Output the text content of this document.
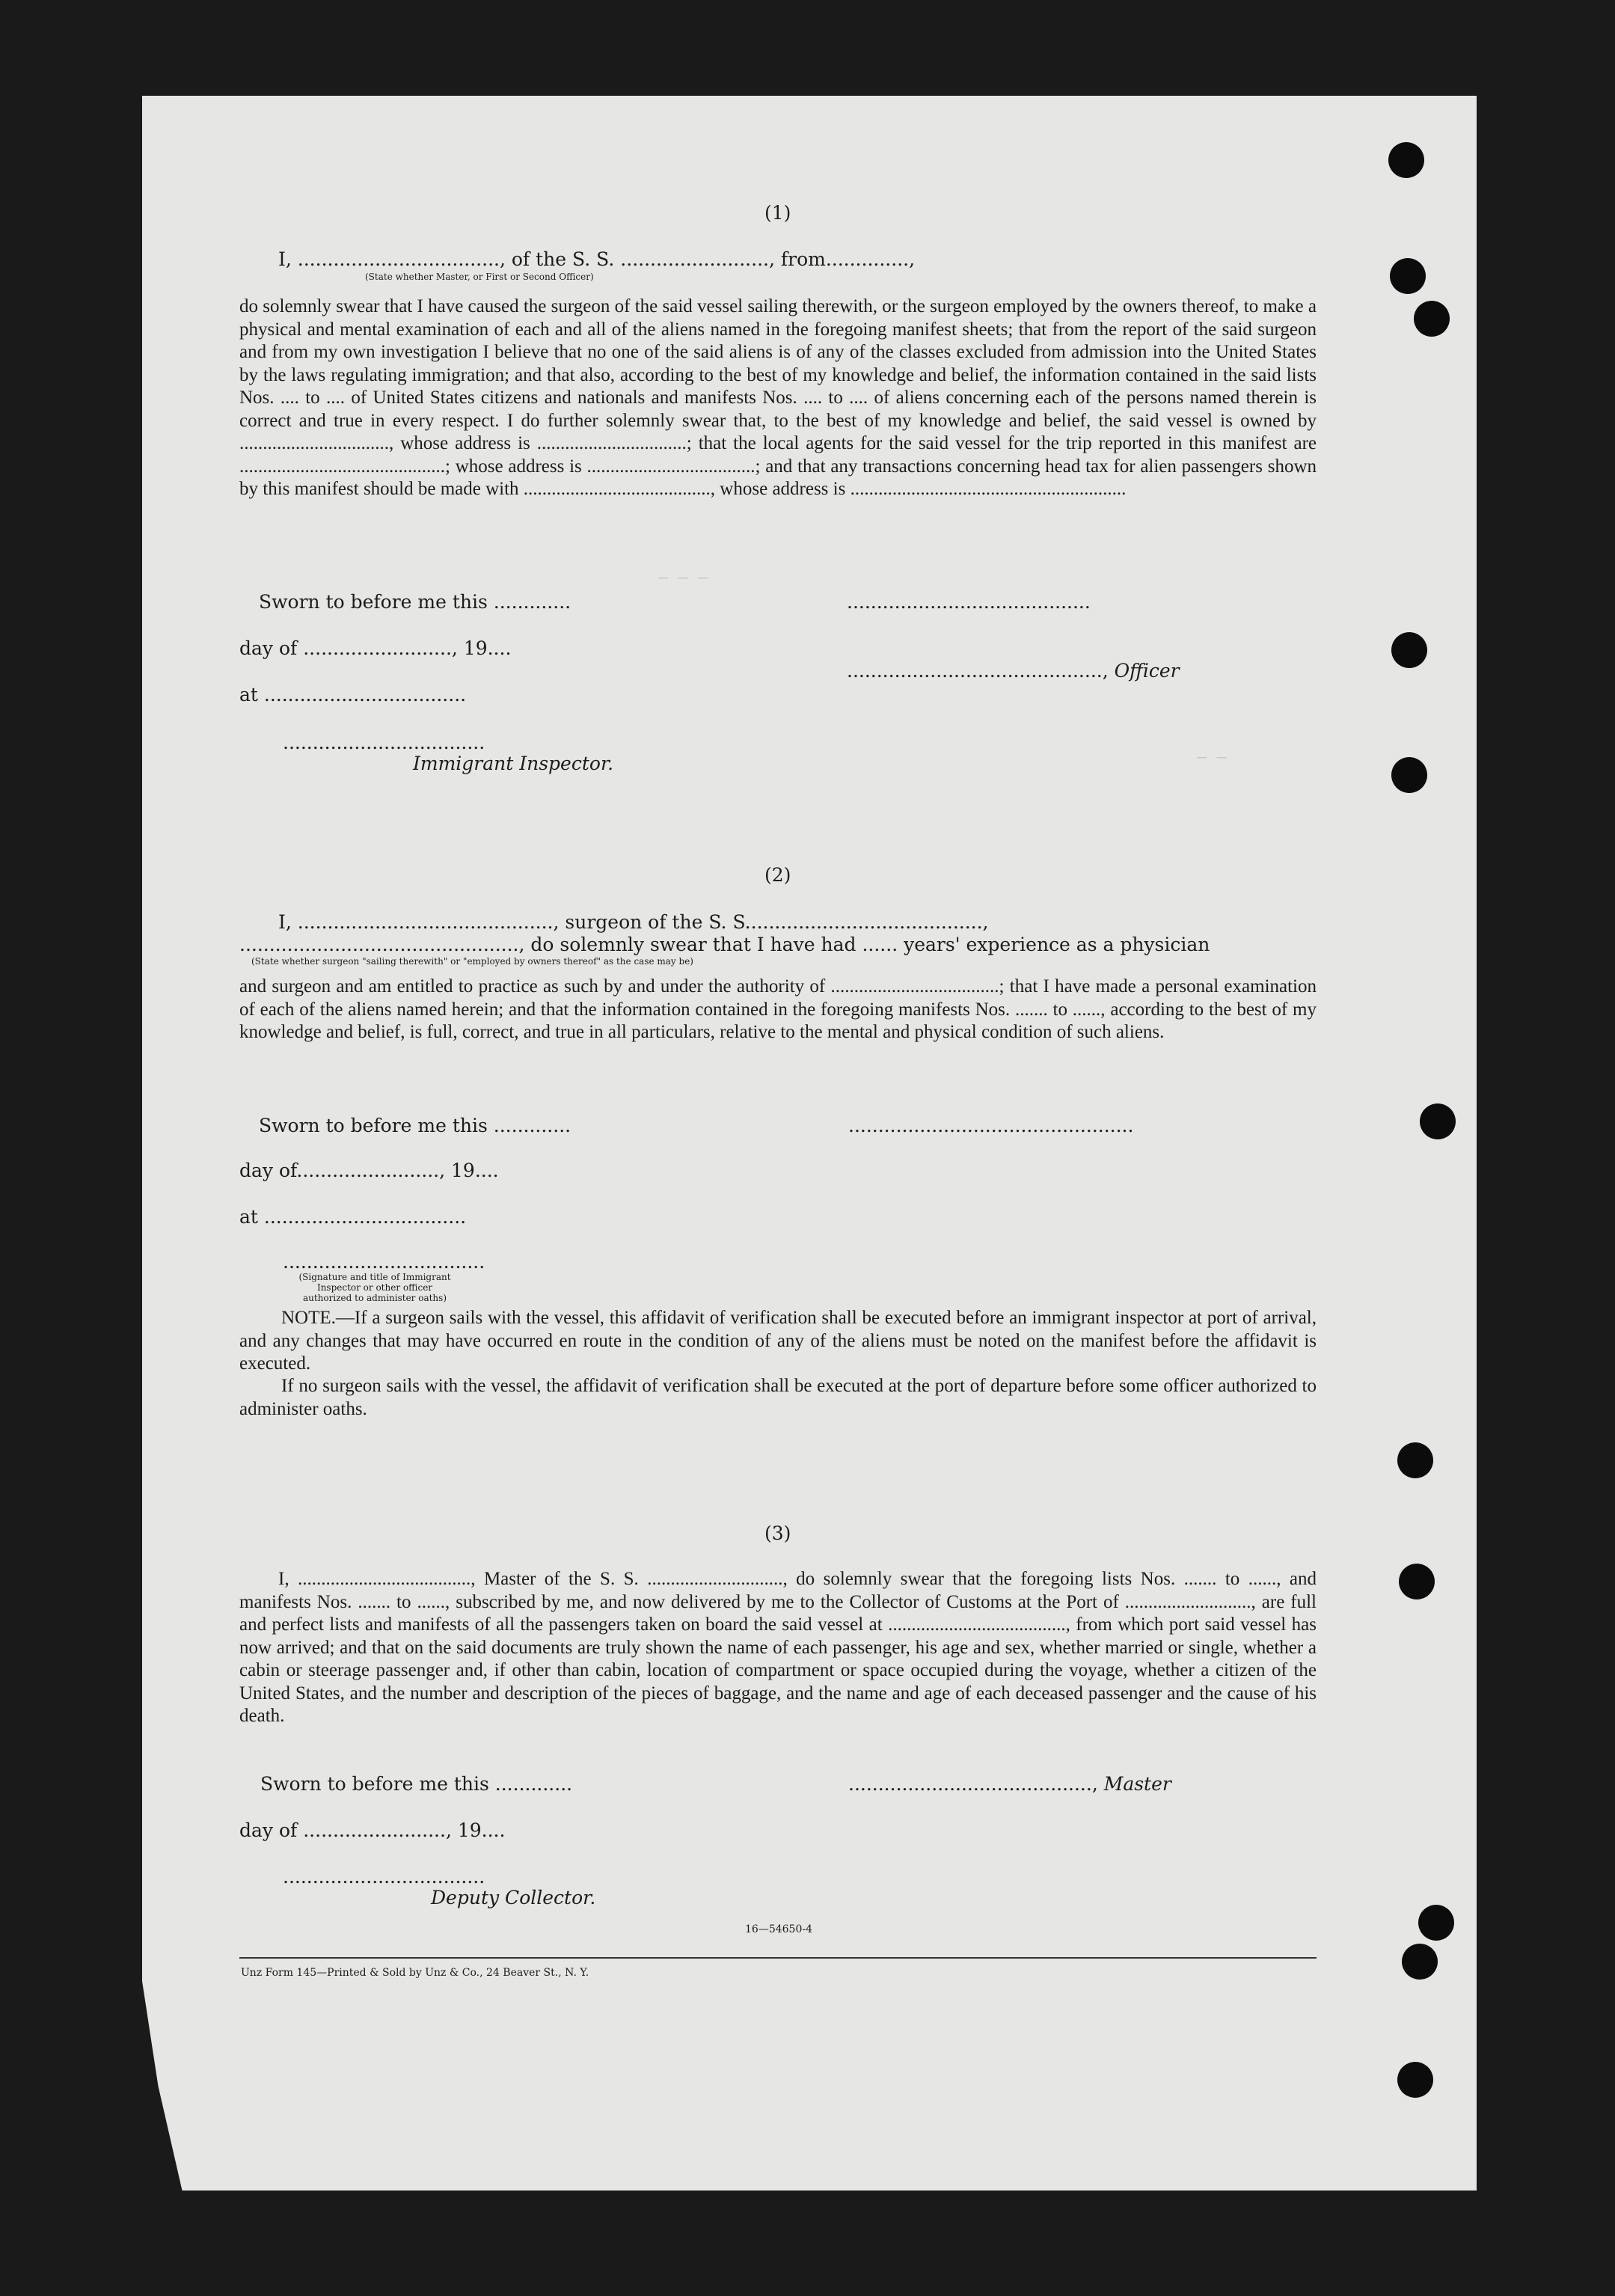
— — —
— —
(1)
I, .................................., of the S. S. ........................., from..............,
(State whether Master, or First or Second Officer)
do solemnly swear that I have caused the surgeon of the said vessel sailing therewith, or the surgeon employed by the owners thereof, to make a physical and mental examination of each and all of the aliens named in the foregoing manifest sheets; that from the report of the said surgeon and from my own investigation I believe that no one of the said aliens is of any of the classes excluded from admission into the United States by the laws regulating immigration; and that also, according to the best of my knowledge and belief, the information contained in the said lists Nos. .... to .... of United States citizens and nationals and manifests Nos. .... to .... of aliens concerning each of the persons named therein is correct and true in every respect. I do further solemnly swear that, to the best of my knowledge and belief, the said vessel is owned by ................................, whose address is ................................; that the local agents for the said vessel for the trip reported in this manifest are ............................................; whose address is ....................................; and that any transactions concerning head tax for alien passengers shown by this manifest should be made with ........................................, whose address is ...........................................................
Sworn to before me this .............	.........................................
day of ........................., 19....
..........................................., Officer
at ..................................
..................................
Immigrant Inspector.
(2)
I, ..........................................., surgeon of the S. S........................................,
..............................................., do solemnly swear that I have had ...... years' experience as a physician
(State whether surgeon "sailing therewith" or "employed by owners thereof" as the case may be)
and surgeon and am entitled to practice as such by and under the authority of ....................................; that I have made a personal examination of each of the aliens named herein; and that the information contained in the foregoing manifests Nos. ....... to ......, according to the best of my knowledge and belief, is full, correct, and true in all particulars, relative to the mental and physical condition of such aliens.
Sworn to before me this .............	................................................
day of........................, 19....
at ..................................
..................................
(Signature and title of Immigrant Inspector or other officer authorized to administer oaths)
NOTE.—If a surgeon sails with the vessel, this affidavit of verification shall be executed before an immigrant inspector at port of arrival, and any changes that may have occurred en route in the condition of any of the aliens must be noted on the manifest before the affidavit is executed.
If no surgeon sails with the vessel, the affidavit of verification shall be executed at the port of departure before some officer authorized to administer oaths.
(3)
I, ....................................., Master of the S. S. ............................., do solemnly swear that the foregoing lists Nos. ....... to ......, and manifests Nos. ....... to ......, subscribed by me, and now delivered by me to the Collector of Customs at the Port of ..........................., are full and perfect lists and manifests of all the passengers taken on board the said vessel at ......................................, from which port said vessel has now arrived; and that on the said documents are truly shown the name of each passenger, his age and sex, whether married or single, whether a cabin or steerage passenger and, if other than cabin, location of compartment or space occupied during the voyage, whether a citizen of the United States, and the number and description of the pieces of baggage, and the name and age of each deceased passenger and the cause of his death.
Sworn to before me this .............	........................................., Master
day of ........................, 19....
..................................
Deputy Collector.
16—54650-4
Unz Form 145—Printed & Sold by Unz & Co., 24 Beaver St., N. Y.
